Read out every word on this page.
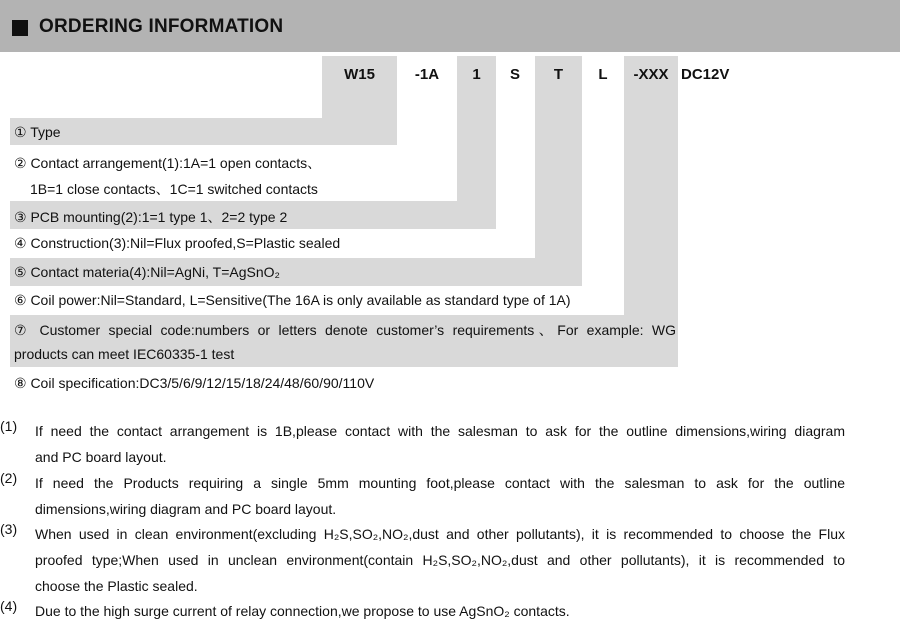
ORDERING INFORMATION
W15	-1A	1	S	T	L	-XXX DC12V
① Type
② Contact arrangement(1):1A=1 open contacts、
1B=1 close contacts、1C=1 switched contacts
③ PCB mounting(2):1=1 type 1、2=2 type 2
④ Construction(3):Nil=Flux proofed,S=Plastic sealed
⑤ Contact materia(4):Nil=AgNi, T=AgSnO₂
⑥ Coil power:Nil=Standard, L=Sensitive(The 16A is only available as standard type of 1A)
⑦ Customer special code:numbers or letters denote customer’s requirements、For example: WG
products can meet IEC60335-1 test
⑧ Coil specification:DC3/5/6/9/12/15/18/24/48/60/90/110V
(1) If need the contact arrangement is 1B,please contact with the salesman to ask for the outline dimensions,wiring diagram
and PC board layout.
(2) If need the Products requiring a single 5mm mounting foot,please contact with the salesman to ask for the outline
dimensions,wiring diagram and PC board layout.
(3) When used in clean environment(excluding H₂S,SO₂,NO₂,dust and other pollutants), it is recommended to choose the Flux
proofed type;When used in unclean environment(contain H₂S,SO₂,NO₂,dust and other pollutants), it is recommended to
choose the Plastic sealed.
(4) Due to the high surge current of relay connection,we propose to use AgSnO₂ contacts.
